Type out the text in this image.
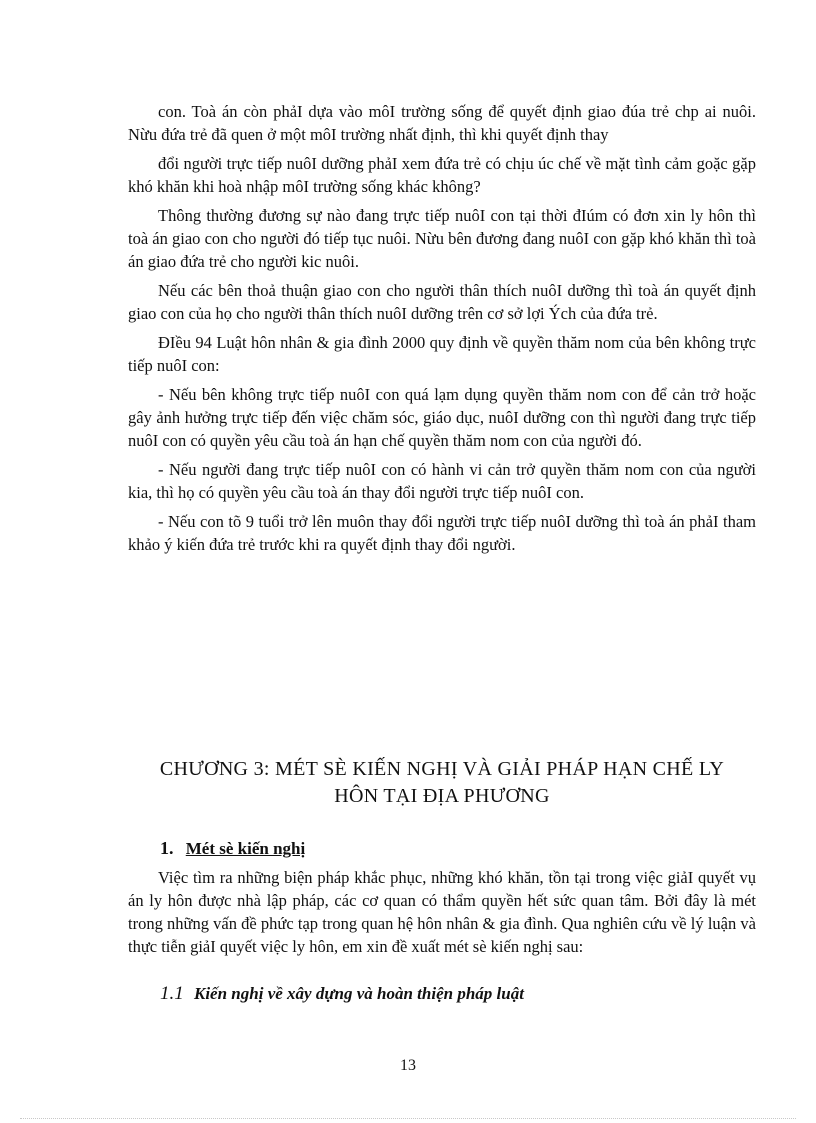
con. Toà án còn phảI dựa vào môI trường sống để quyết định giao đúa trẻ chp ai nuôi. Nừu đứa trẻ đã quen ở một môI trường nhất định, thì khi quyết định thay

đổi người trực tiếp nuôI dưỡng phảI xem đứa trẻ có chịu úc chế về mặt tình cảm goặc gặp khó khăn khi hoà nhập môI trường sống khác không?

Thông thường đương sự nào đang trực tiếp nuôI con tại thời đIúm có đơn xin ly hôn thì toà án giao con cho người đó tiếp tục nuôi. Nừu bên đương đang nuôI con gặp khó khăn thì toà án giao đứa trẻ cho người kic nuôi.

Nếu các bên thoả thuận giao con cho người thân thích nuôI dưỡng thì toà án quyết định giao con của họ cho người thân thích nuôI dưỡng trên cơ sở lợi Ých của đứa trẻ.

ĐIều 94 Luật hôn nhân & gia đình 2000 quy định về quyền thăm nom của bên không trực tiếp nuôI con:

- Nếu bên không trực tiếp nuôI con quá lạm dụng quyền thăm nom con để cản trở hoặc gây ảnh hưởng trực tiếp đến việc chăm sóc, giáo dục, nuôI dưỡng con thì người đang trực tiếp nuôI con có quyền yêu cầu toà án hạn chế quyền thăm nom con của người đó.

- Nếu người đang trực tiếp nuôI con có hành vi cản trở quyền thăm nom con của người kia, thì họ có quyền yêu cầu toà án thay đổi người trực tiếp nuôI con.

- Nếu con tõ 9 tuổi trở lên muôn thay đổi người trực tiếp nuôI dưỡng thì toà án phảI tham khảo ý kiến đứa trẻ trước khi ra quyết định thay đổi người.

CHƯƠNG 3: MÉT SÈ KIẾN NGHỊ VÀ GIẢI PHÁP HẠN CHẾ LY
HÔN TẠI ĐỊA PHƯƠNG
1. Mét sè kiến nghị

Việc tìm ra những biện pháp khắc phục, những khó khăn, tồn tại trong việc giảI quyết vụ án ly hôn được nhà lập pháp, các cơ quan có thẩm quyền hết sức quan tâm. Bởi đây là mét trong những vấn đề phức tạp trong quan hệ hôn nhân & gia đình. Qua nghiên cứu về lý luận và thực tiễn giảI quyết việc ly hôn, em xin đề xuất mét sè kiến nghị sau:

1.1 Kiến nghị về xây dựng và hoàn thiện pháp luật
13
